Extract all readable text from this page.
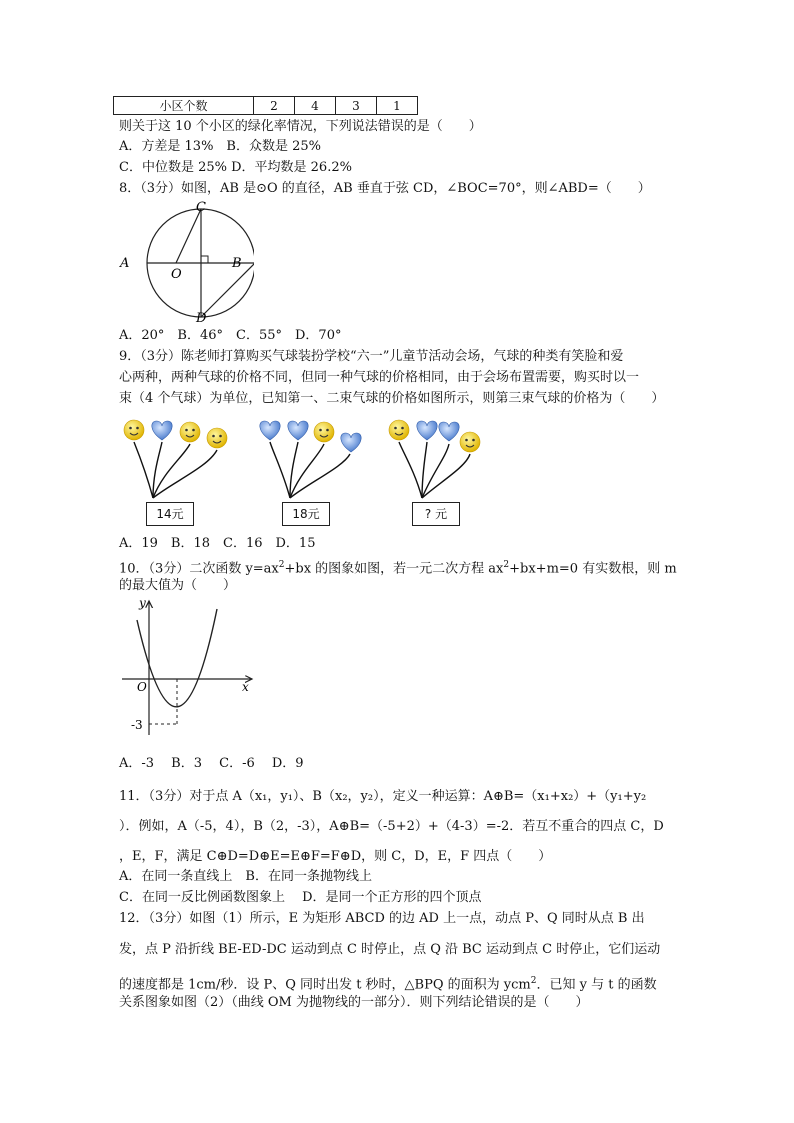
小区个数	2	4	3	1
则关于这 10 个小区的绿化率情况，下列说法错误的是（　　）
A．方差是 13%　B．众数是 25%
C．中位数是 25% D．平均数是 26.2%
8．（3分）如图，AB 是⊙O 的直径，AB 垂直于弦 CD，∠BOC=70°，则∠ABD=（　　）
A
O
B
C
D
A．20°　B．46°　C．55°　D．70°
9．（3分）陈老师打算购买气球装扮学校“六一”儿童节活动会场，气球的种类有笑脸和爱
心两种，两种气球的价格不同，但同一种气球的价格相同，由于会场布置需要，购买时以一
束（4 个气球）为单位，已知第一、二束气球的价格如图所示，则第三束气球的价格为（　　）
14元	18元	? 元
A．19　B．18　C．16　D．15
10．（3分）二次函数 $y=ax^2+bx$ 的图象如图，若一元二次方程 $ax^2+bx+m=0$ 有实数根，则 m
的最大值为（　　）
y
x
O
-3
A．-3　 B．3　 C．-6　 D．9
11．（3分）对于点 A（x₁，y₁）、B（x₂，y₂），定义一种运算：A⊕B=（x₁+x₂）+（y₁+y₂
）．例如，A（-5，4），B（2，-3），A⊕B=（-5+2）+（4-3）=-2．若互不重合的四点 C，D
，E，F，满足 C⊕D=D⊕E=E⊕F=F⊕D，则 C，D，E，F 四点（　　）
A．在同一条直线上　B．在同一条抛物线上
C．在同一反比例函数图象上　 D．是同一个正方形的四个顶点
12．（3分）如图（1）所示，E 为矩形 ABCD 的边 AD 上一点，动点 P、Q 同时从点 B 出
发，点 P 沿折线 BE-ED-DC 运动到点 C 时停止，点 Q 沿 BC 运动到点 C 时停止，它们运动
的速度都是 1cm/秒．设 P、Q 同时出发 t 秒时，△BPQ 的面积为 ycm$^2$．已知 y 与 t 的函数
关系图象如图（2）（曲线 OM 为抛物线的一部分）．则下列结论错误的是（　　）
